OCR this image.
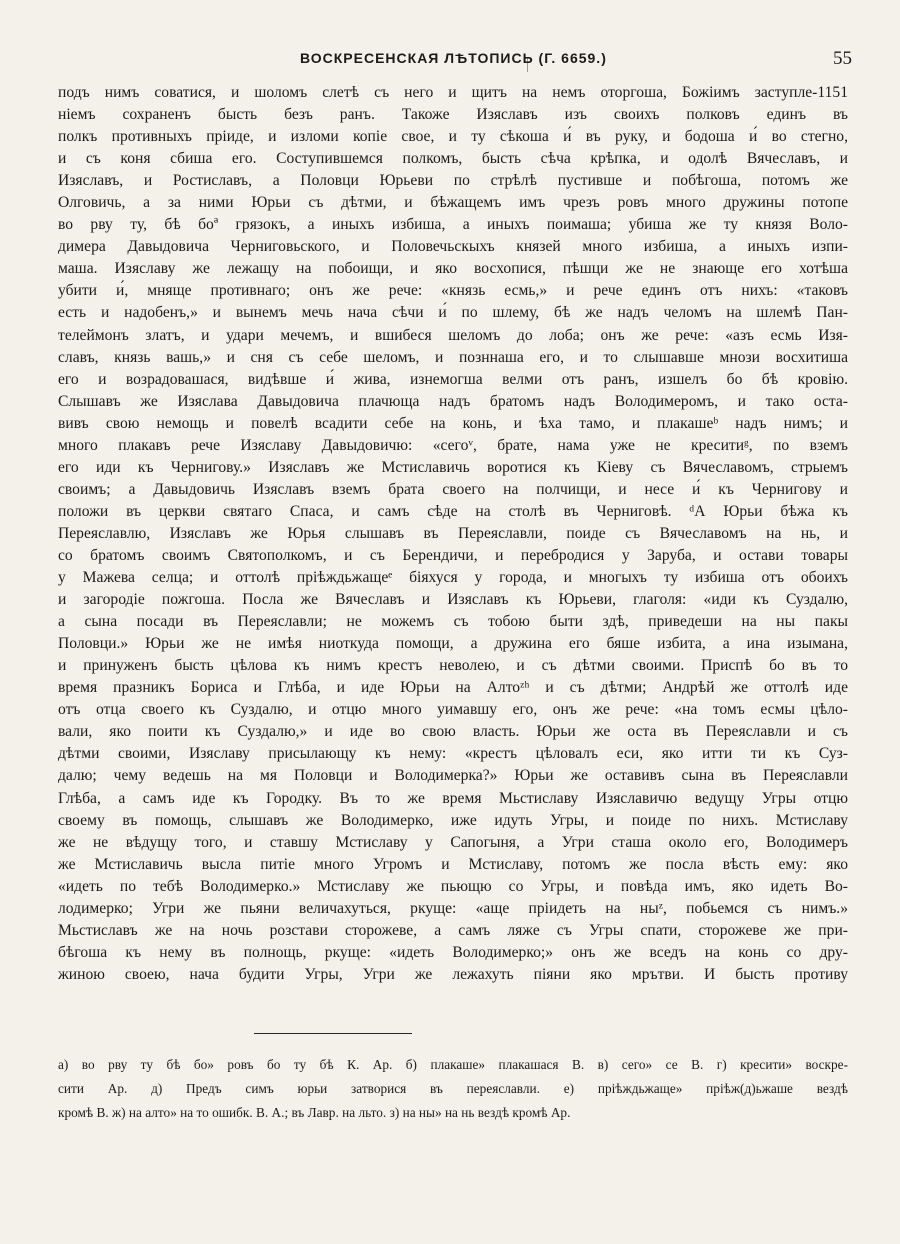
ВОСКРЕСЕНСКАЯ ЛѢТОПИСЬ (Г. 6659.)	55
подъ нимъ соватися, и шоломъ слетѣ съ него и щитъ на немъ оторгоша, Божіимъ заступле-1151
ніемъ сохраненъ бысть безъ ранъ. Такоже Изяславъ изъ своихъ полковъ единъ въ
полкъ противныхъ пріиде, и изломи копіе свое, и ту сѣкоша и́ въ руку, и бодоша и́ во стегно,
и съ коня сбиша его. Соступившемся полкомъ, бысть сѣча крѣпка, и одолѣ Вячеславъ, и
Изяславъ, и Ростиславъ, а Половци Юрьеви по стрѣлѣ пустивше и побѣгоша, потомъ же
Олговичь, а за ними Юрьи съ дѣтми, и бѣжащемъ имъ чрезъ ровъ много дружины потопе
во рву ту, бѣ боª грязокъ, а иныхъ избиша, а иныхъ поимаша; убиша же ту князя Воло-
димера Давыдовича Черниговьского, и Половечьскыхъ князей много избиша, а иныхъ изпи-
маша. Изяславу же лежащу на побоищи, и яко восхопися, пѣшци же не знающе его хотѣша
убити и́, мняще противнаго; онъ же рече: «князь есмь,» и рече единъ отъ нихъ: «таковъ
есть и надобенъ,» и вынемъ мечь нача сѣчи и́ по шлему, бѣ же надъ челомъ на шлемѣ Пан-
телеймонъ златъ, и удари мечемъ, и вшибеся шеломъ до лоба; онъ же рече: «азъ есмь Изя-
славъ, князь вашь,» и сня съ себе шеломъ, и позннаша его, и то слышавше мнози восхитиша
его и возрадовашася, видѣвше и́ жива, изнемогша велми отъ ранъ, изшелъ бо бѣ кровію.
Слышавъ же Изяслава Давыдовича плачюща надъ братомъ надъ Володимеромъ, и тако оста-
вивъ свою немощь и повелѣ всадити себе на конь, и ѣха тамо, и плакашеᵇ надъ нимъ; и
много плакавъ рече Изяславу Давыдовичю: «сегоᵛ, брате, нама уже не креситиᵍ, по вземъ
его иди къ Чернигову.» Изяславъ же Мстиславичь воротися къ Кіеву съ Вячеславомъ, стрыемъ
своимъ; а Давыдовичь Изяславъ вземъ брата своего на полчищи, и несе и́ къ Чернигову и
положи въ церкви святаго Спаса, и самъ сѣде на столѣ въ Черниговѣ. ᵈА Юрьи бѣжа къ
Переяславлю, Изяславъ же Юрья слышавъ въ Переяславли, поиде съ Вячеславомъ на нь, и
со братомъ своимъ Святополкомъ, и съ Берендичи, и перебродися у Заруба, и остави товары
у Мажева селца; и оттолѣ пріѣждьжащеᵉ біяхуся у города, и многыхъ ту избиша отъ обоихъ
и загородіе пожгоша. Посла же Вячеславъ и Изяславъ къ Юрьеви, глаголя: «иди къ Суздалю,
а сына посади въ Переяславли; не можемъ съ тобою быти здѣ, приведеши на ны пакы
Половци.» Юрьи же не имѣя ниоткуда помощи, а дружина его бяше избита, а ина изымана,
и принуженъ бысть цѣлова къ нимъ крестъ неволею, и съ дѣтми своими. Приспѣ бо въ то
время празникъ Бориса и Глѣба, и иде Юрьи на Алтоᶻʰ и съ дѣтми; Андрѣй же оттолѣ иде
отъ отца своего къ Суздалю, и отцю много уимавшу его, онъ же рече: «на томъ есмы цѣло-
вали, яко поити къ Суздалю,» и иде во свою власть. Юрьи же оста въ Переяславли и съ
дѣтми своими, Изяславу присылающу къ нему: «крестъ цѣловалъ еси, яко итти ти къ Суз-
далю; чему ведешь на мя Половци и Володимерка?» Юрьи же оставивъ сына въ Переяславли
Глѣба, а самъ иде къ Городку. Въ то же время Мьстиславу Изяславичю ведущу Угры отцю
своему въ помощь, слышавъ же Володимерко, иже идуть Угры, и поиде по нихъ. Мстиславу
же не вѣдущу того, и ставшу Мстиславу у Сапогыня, а Угри сташа около его, Володимеръ
же Мстиславичь высла питіе много Угромъ и Мстиславу, потомъ же посла вѣсть ему: яко
«идеть по тебѣ Володимерко.» Мстиславу же пьющю со Угры, и повѣда имъ, яко идеть Во-
лодимерко; Угри же пьяни величахуться, ркуще: «аще пріидеть на ныᶻ, побьемся съ нимъ.»
Мьстиславъ же на ночь розстави сторожеве, а самъ ляже съ Угры спати, сторожеве же при-
бѣгоша къ нему въ полнощь, ркуще: «идеть Володимерко;» онъ же вседъ на конь со дру-
жиною своею, нача будити Угры, Угри же лежахуть піяни яко мрътви. И бысть противу
а) во рву ту бѣ бо» ровъ бо ту бѣ К. Ар. б) плакаше» плакашася В. в) сего» се В. г) кресити» воскре-
сити Ар. д) Предъ симъ юрьи затворися въ переяславли. е) пріѣждьжаще» пріѣж(д)ьжаше вездѣ
кромѣ В. ж) на алто» на то ошибк. В. А.; въ Лавр. на льто. з) на ны» на нь вездѣ кромѣ Ар.
